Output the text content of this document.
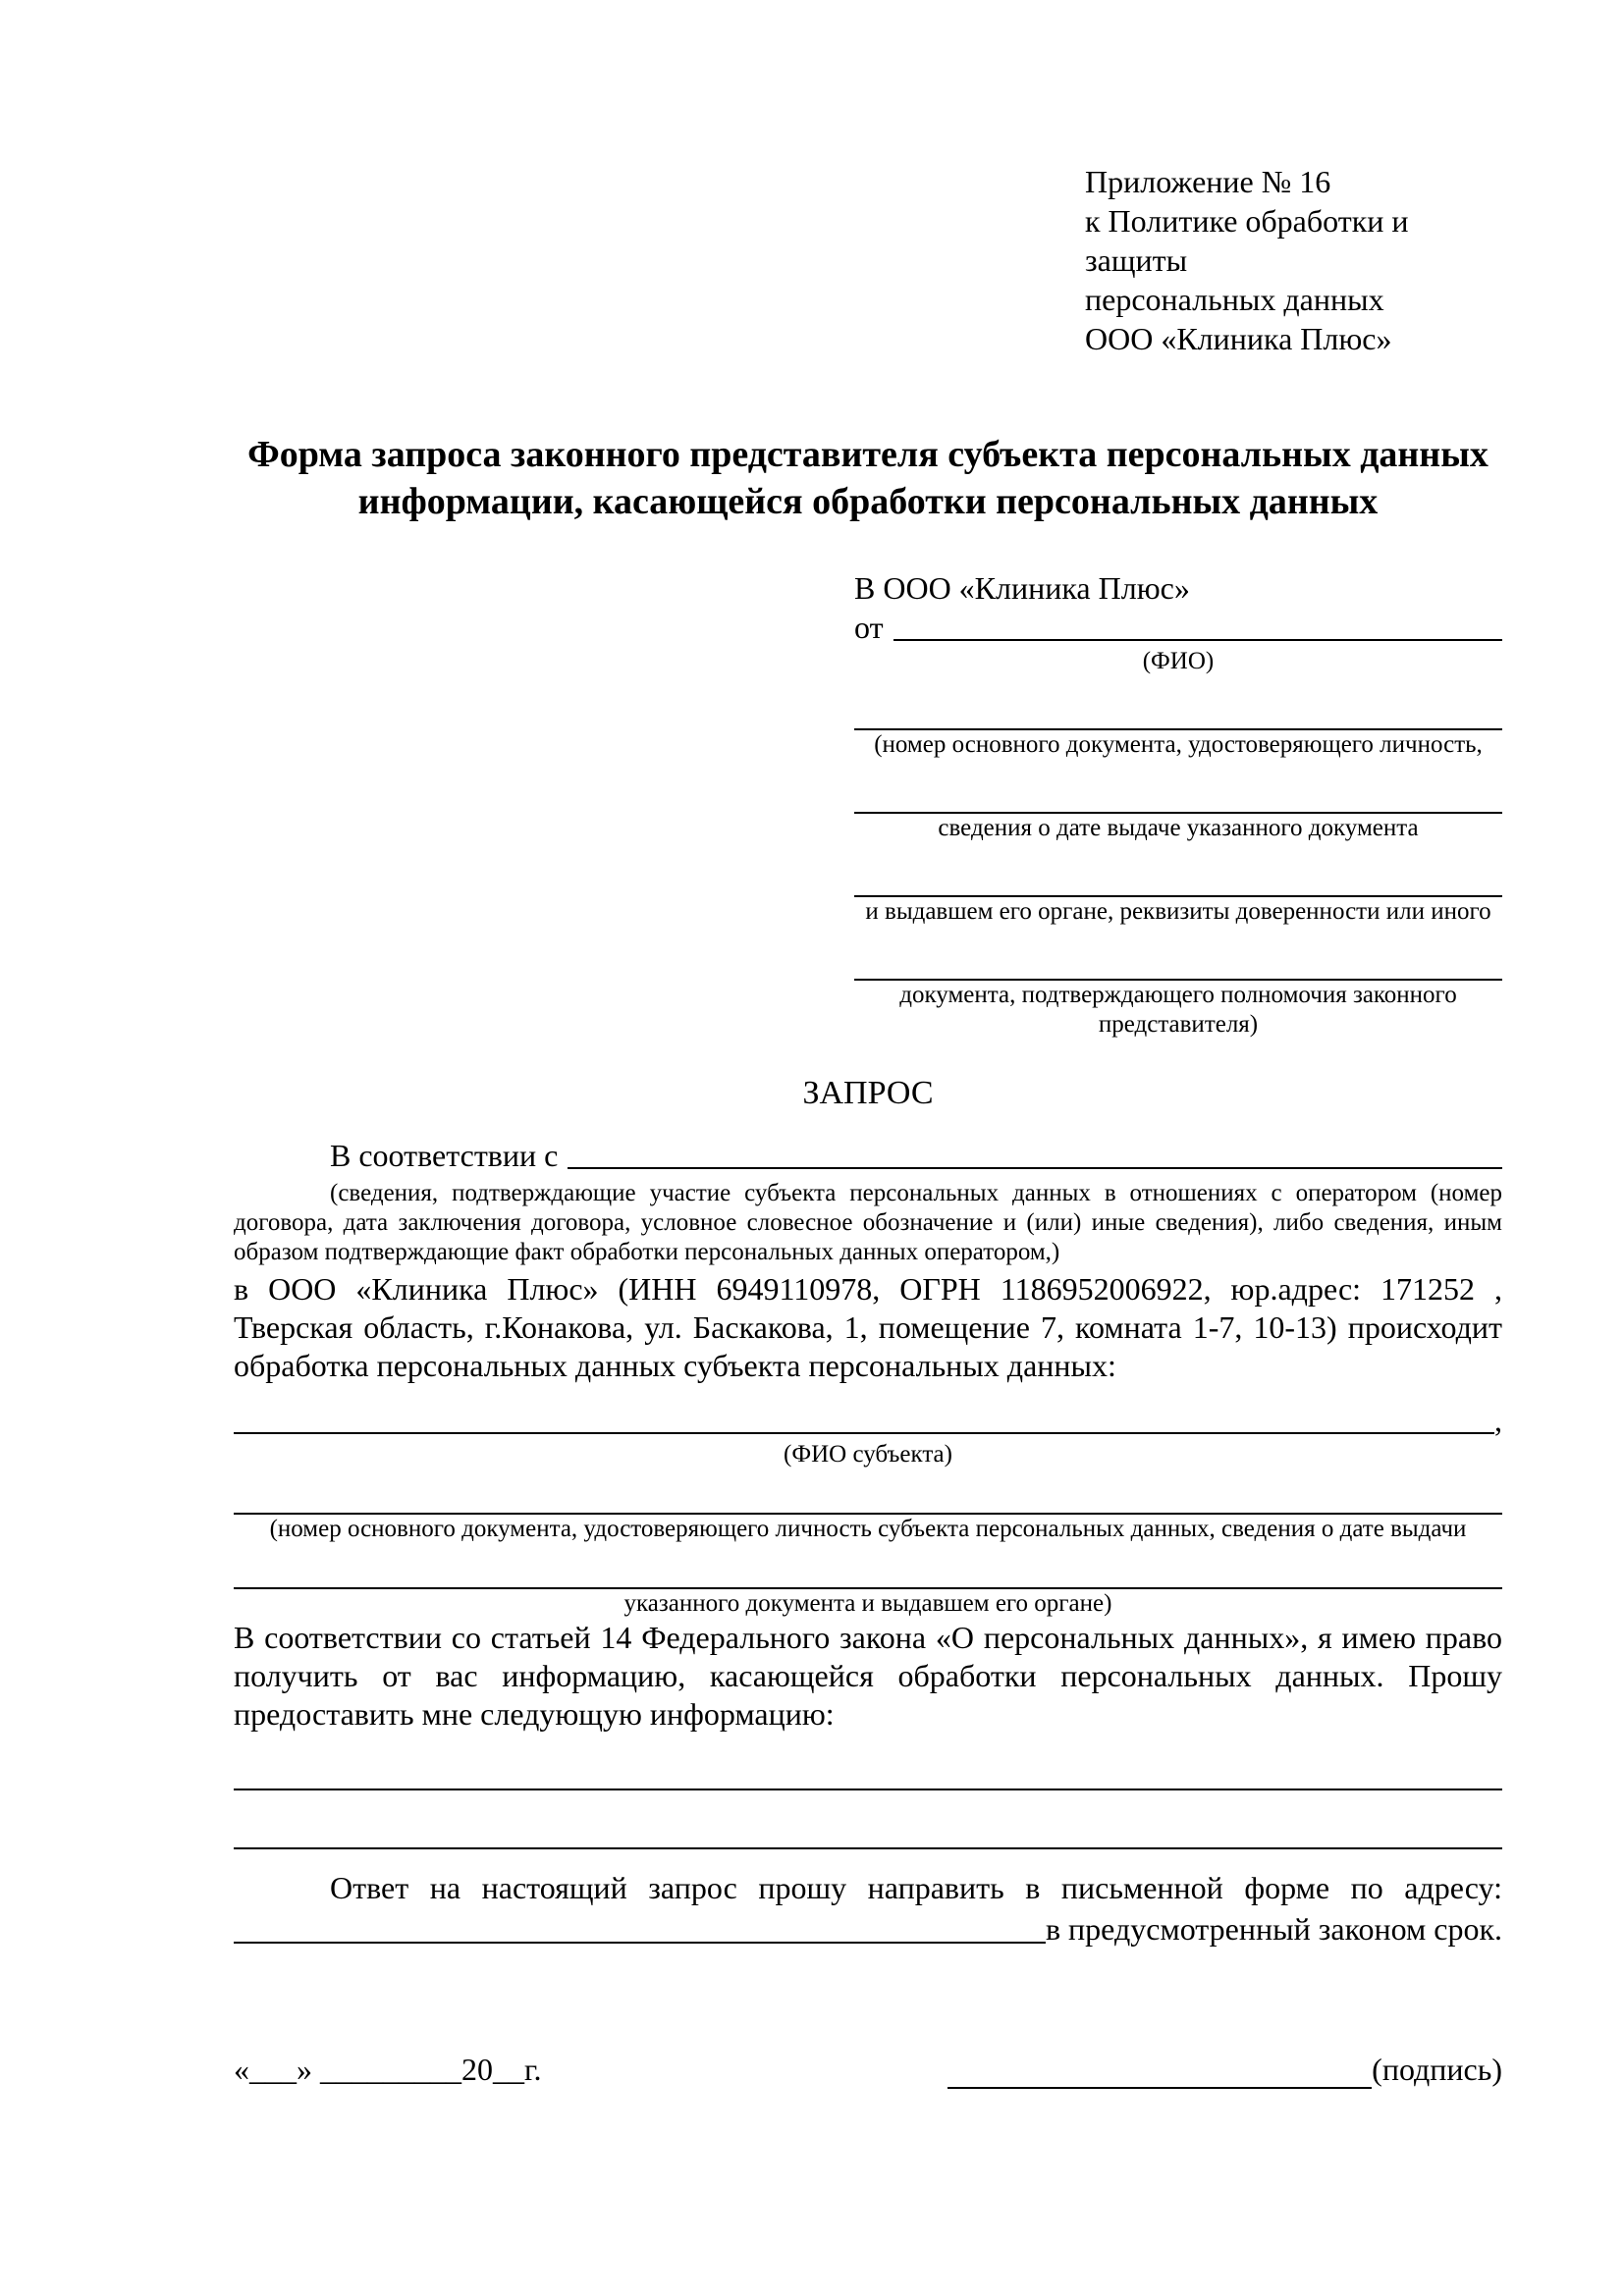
Приложение № 16
к Политике обработки и защиты
персональных данных
ООО «Клиника Плюс»
Форма запроса законного представителя субъекта персональных данных
информации, касающейся обработки персональных данных
В ООО «Клиника Плюс»
от
(ФИО)
(номер основного документа, удостоверяющего личность,
сведения о дате выдаче указанного документа
и выдавшем его органе, реквизиты доверенности или иного
документа, подтверждающего полномочия законного представителя)
ЗАПРОС
В соответствии с
(сведения, подтверждающие участие субъекта персональных данных в отношениях с оператором (номер договора, дата заключения договора, условное словесное обозначение и (или) иные сведения), либо сведения, иным образом подтверждающие факт обработки персональных данных оператором,)
в ООО «Клиника Плюс» (ИНН 6949110978, ОГРН 1186952006922, юр.адрес: 171252 , Тверская область, г.Конакова, ул. Баскакова, 1, помещение 7, комната 1-7, 10-13) происходит обработка персональных данных субъекта персональных данных:
,
(ФИО субъекта)
(номер основного документа, удостоверяющего личность субъекта персональных данных, сведения о дате выдачи
указанного документа и выдавшем его органе)
В соответствии со статьей 14 Федерального закона «О персональных данных», я имею право получить от вас информацию, касающейся обработки персональных данных. Прошу предоставить мне следующую информацию:
Ответ на настоящий запрос прошу направить в письменной форме по адресу:
в предусмотренный законом срок.
«___» _________20__г.	(подпись)
